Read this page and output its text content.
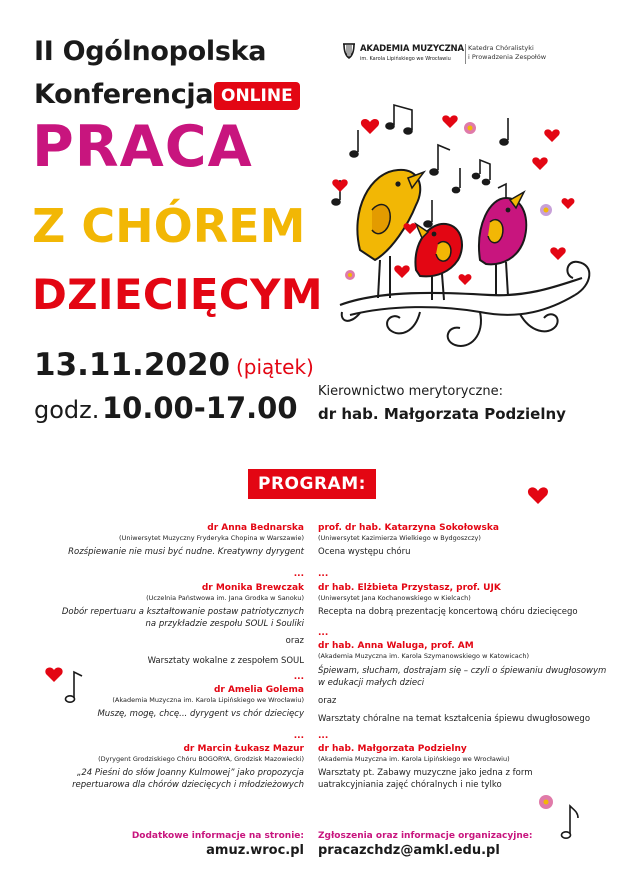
II Ogólnopolska
Konferencja ONLINE
PRACA
Z CHÓREM
DZIECIĘCYM
13.11.2020 (piątek)
godz. 10.00-17.00
AKADEMIA MUZYCZNA
im. Karola Lipińskiego we Wrocławiu
Katedra Chóralistyki
i Prowadzenia Zespołów
Kierownictwo merytoryczne:
dr hab. Małgorzata Podzielny
PROGRAM:
dr Anna Bednarska
(Uniwersytet Muzyczny Fryderyka Chopina w Warszawie)
Rozśpiewanie nie musi być nudne. Kreatywny dyrygent
...
dr Monika Brewczak
(Uczelnia Państwowa im. Jana Grodka w Sanoku)
Dobór repertuaru a kształtowanie postaw patriotycznych
na przykładzie zespołu SOUL i Souliki
oraz
Warsztaty wokalne z zespołem SOUL
...
dr Amelia Golema
(Akademia Muzyczna im. Karola Lipińskiego we Wrocławiu)
Muszę, mogę, chcę... dyrygent vs chór dziecięcy
...
dr Marcin Łukasz Mazur
(Dyrygent Grodziskiego Chóru BOGORYA, Grodzisk Mazowiecki)
„24 Pieśni do słów Joanny Kulmowej” jako propozycja
repertuarowa dla chórów dziecięcych i młodzieżowych
prof. dr hab. Katarzyna Sokołowska
(Uniwersytet Kazimierza Wielkiego w Bydgoszczy)
Ocena występu chóru
...
dr hab. Elżbieta Przystasz, prof. UJK
(Uniwersytet Jana Kochanowskiego w Kielcach)
Recepta na dobrą prezentację koncertową chóru dziecięcego
...
dr hab. Anna Waluga, prof. AM
(Akademia Muzyczna im. Karola Szymanowskiego w Katowicach)
Śpiewam, słucham, dostrajam się – czyli o śpiewaniu dwugłosowym
w edukacji małych dzieci
oraz
Warsztaty chóralne na temat kształcenia śpiewu dwugłosowego
...
dr hab. Małgorzata Podzielny
(Akademia Muzyczna im. Karola Lipińskiego we Wrocławiu)
Warsztaty pt. Zabawy muzyczne jako jedna z form
uatrakcyjniania zajęć chóralnych i nie tylko
Dodatkowe informacje na stronie:
amuz.wroc.pl
Zgłoszenia oraz informacje organizacyjne:
pracazchdz@amkl.edu.pl
